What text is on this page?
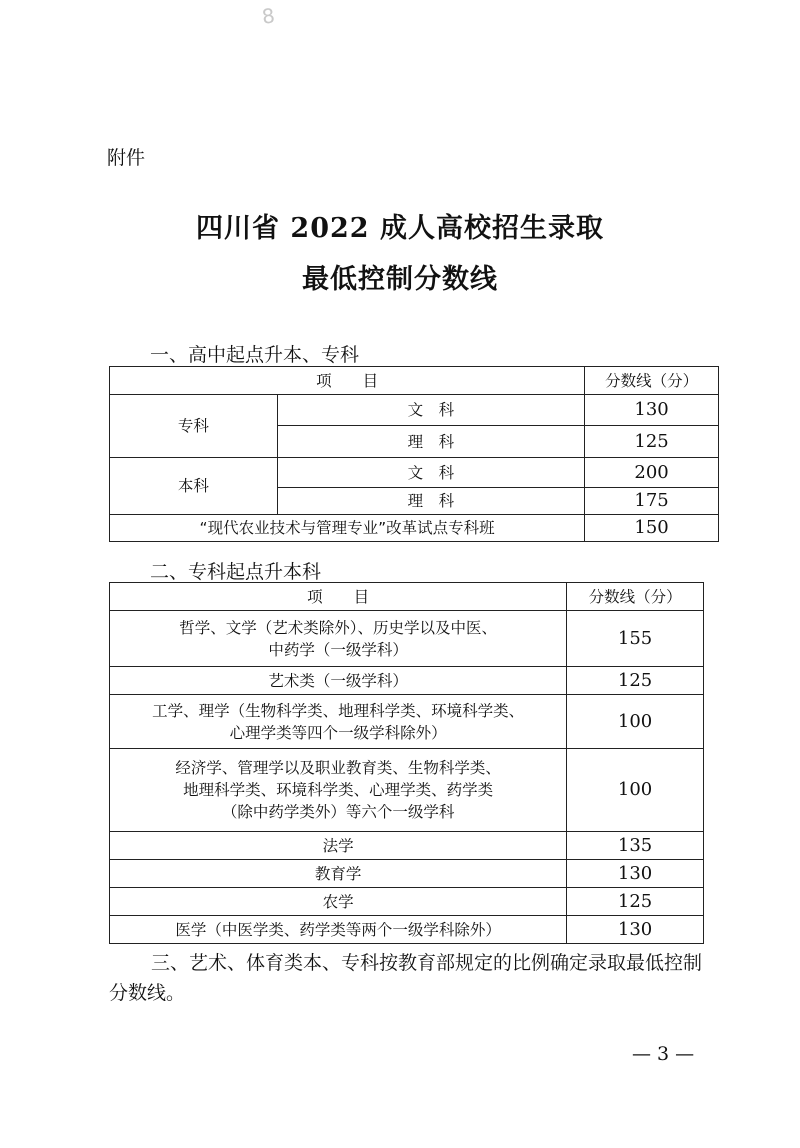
8
附件
四川省 2022 成人高校招生录取
最低控制分数线
一、高中起点升本、专科
项　　目		分数线（分）
专科	文　科	130
	理　科	125
本科	文　科	200
	理　科	175
“现代农业技术与管理专业”改革试点专科班		150
二、专科起点升本科
项　　目	分数线（分）

哲学、文学（艺术类除外）、历史学以及中医、
中药学（一级学科）	155

艺术类（一级学科）	125

工学、理学（生物科学类、地理科学类、环境科学类、
心理学类等四个一级学科除外）	100

经济学、管理学以及职业教育类、生物科学类、
地理科学类、环境科学类、心理学类、药学类
（除中药学类外）等六个一级学科	100

法学	135

教育学	130

农学	125

医学（中医学类、药学类等两个一级学科除外）	130
三、艺术、体育类本、专科按教育部规定的比例确定录取最低控制分数线。
— 3 —
